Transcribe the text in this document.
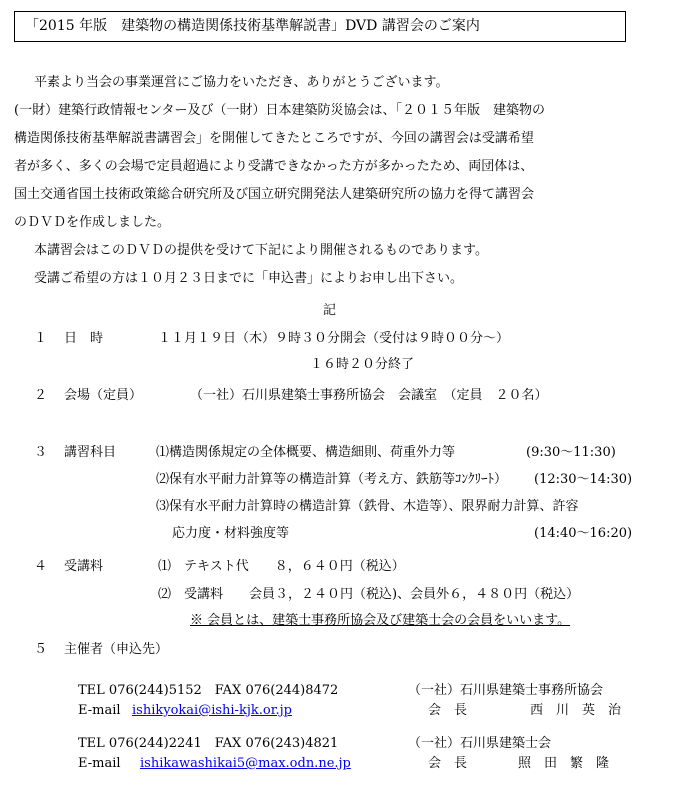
「2015 年版　建築物の構造関係技術基準解説書」DVD 講習会のご案内
平素より当会の事業運営にご協力をいただき、ありがとうございます。
(一財）建築行政情報センター及び（一財）日本建築防災協会は、「２０１５年版　建築物の
構造関係技術基準解説書講習会」を開催してきたところですが、今回の講習会は受講希望
者が多く、多くの会場で定員超過により受講できなかった方が多かったため、両団体は、
国土交通省国土技術政策総合研究所及び国立研究開発法人建築研究所の協力を得て講習会
のＤＶＤを作成しました。
本講習会はこのＤＶＤの提供を受けて下記により開催されるものであります。
受講ご希望の方は１０月２３日までに「申込書」によりお申し出下さい。
記
１ 日　時	１１月１９日（木）９時３０分開会（受付は９時００分～）
１６時２０分終了
２ 会場（定員）	（一社）石川県建築士事務所協会　会議室　（定員　２０名）
３ 講習科目	⑴構造関係規定の全体概要、構造細則、荷重外力等	(9:30～11:30)
⑵保有水平耐力計算等の構造計算（考え方、鉄筋等ｺﾝｸﾘｰﾄ） (12:30～14:30)
⑶保有水平耐力計算時の構造計算（鉄骨、木造等）、限界耐力計算、許容
応力度・材料強度等	(14:40～16:20)
４ 受講料	⑴　テキスト代　　８，６４０円（税込）
⑵　受講料　　会員３，２４０円（税込)、会員外６，４８０円（税込）
※ 会員とは、建築士事務所協会及び建築士会の会員をいいます。
５ 主催者（申込先）
TEL 076(244)5152　FAX 076(244)8472
E-mail ishikyokai@ishi-kjk.or.jp
（一社）石川県建築士事務所協会
会　長	西　川　英　治
TEL 076(244)2241　FAX 076(243)4821
E-mail ishikawashikai5@max.odn.ne.jp
（一社）石川県建築士会
会　長	照　田　繁　隆
